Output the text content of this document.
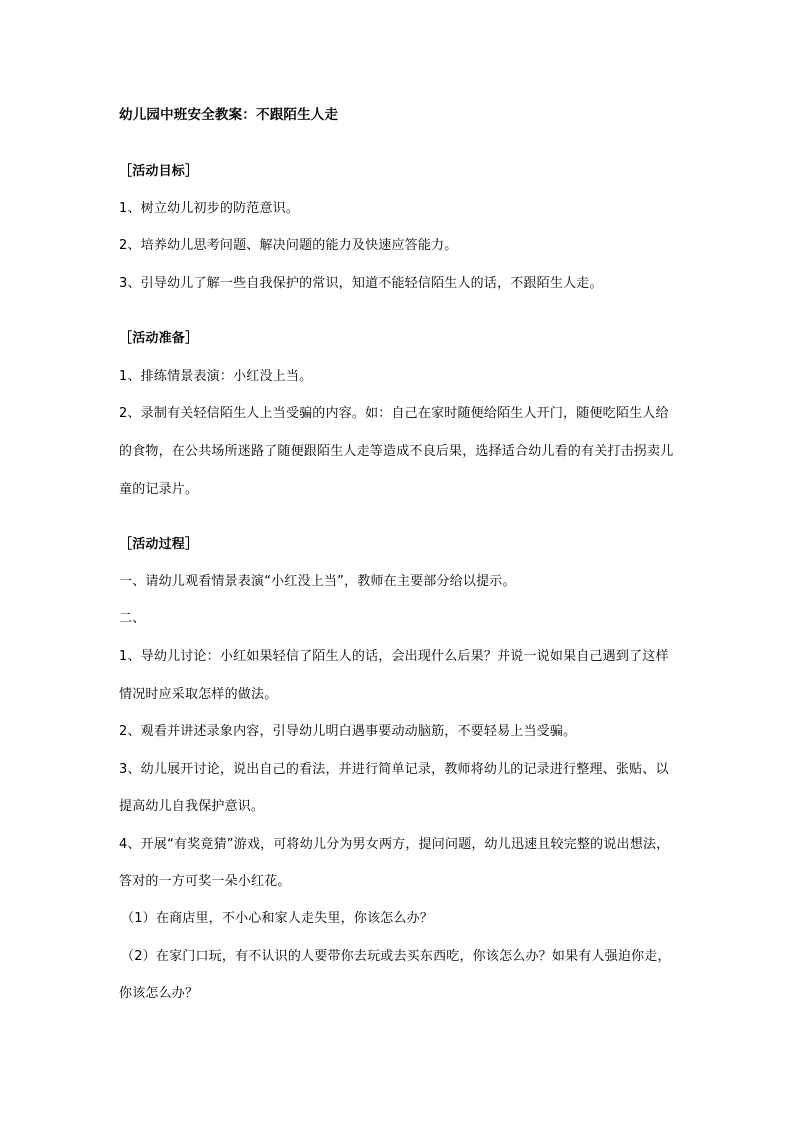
幼儿园中班安全教案：不跟陌生人走
［活动目标］
1、树立幼儿初步的防范意识。
2、培养幼儿思考问题、解决问题的能力及快速应答能力。
3、引导幼儿了解一些自我保护的常识，知道不能轻信陌生人的话，不跟陌生人走。
［活动准备］
1、排练情景表演：小红没上当。
2、录制有关轻信陌生人上当受骗的内容。如：自己在家时随便给陌生人开门，随便吃陌生人给
的食物，在公共场所迷路了随便跟陌生人走等造成不良后果，选择适合幼儿看的有关打击拐卖儿
童的记录片。
［活动过程］
一、请幼儿观看情景表演“小红没上当”，教师在主要部分给以提示。
二、
1、导幼儿讨论：小红如果轻信了陌生人的话，会出现什么后果？并说一说如果自己遇到了这样
情况时应采取怎样的做法。
2、观看并讲述录象内容，引导幼儿明白遇事要动动脑筋，不要轻易上当受骗。
3、幼儿展开讨论，说出自己的看法，并进行简单记录，教师将幼儿的记录进行整理、张贴、以
提高幼儿自我保护意识。
4、开展“有奖竟猜”游戏，可将幼儿分为男女两方，提问问题，幼儿迅速且较完整的说出想法，
答对的一方可奖一朵小红花。
（1）在商店里，不小心和家人走失里，你该怎么办？
（2）在家门口玩，有不认识的人要带你去玩或去买东西吃，你该怎么办？如果有人强迫你走，
你该怎么办？
